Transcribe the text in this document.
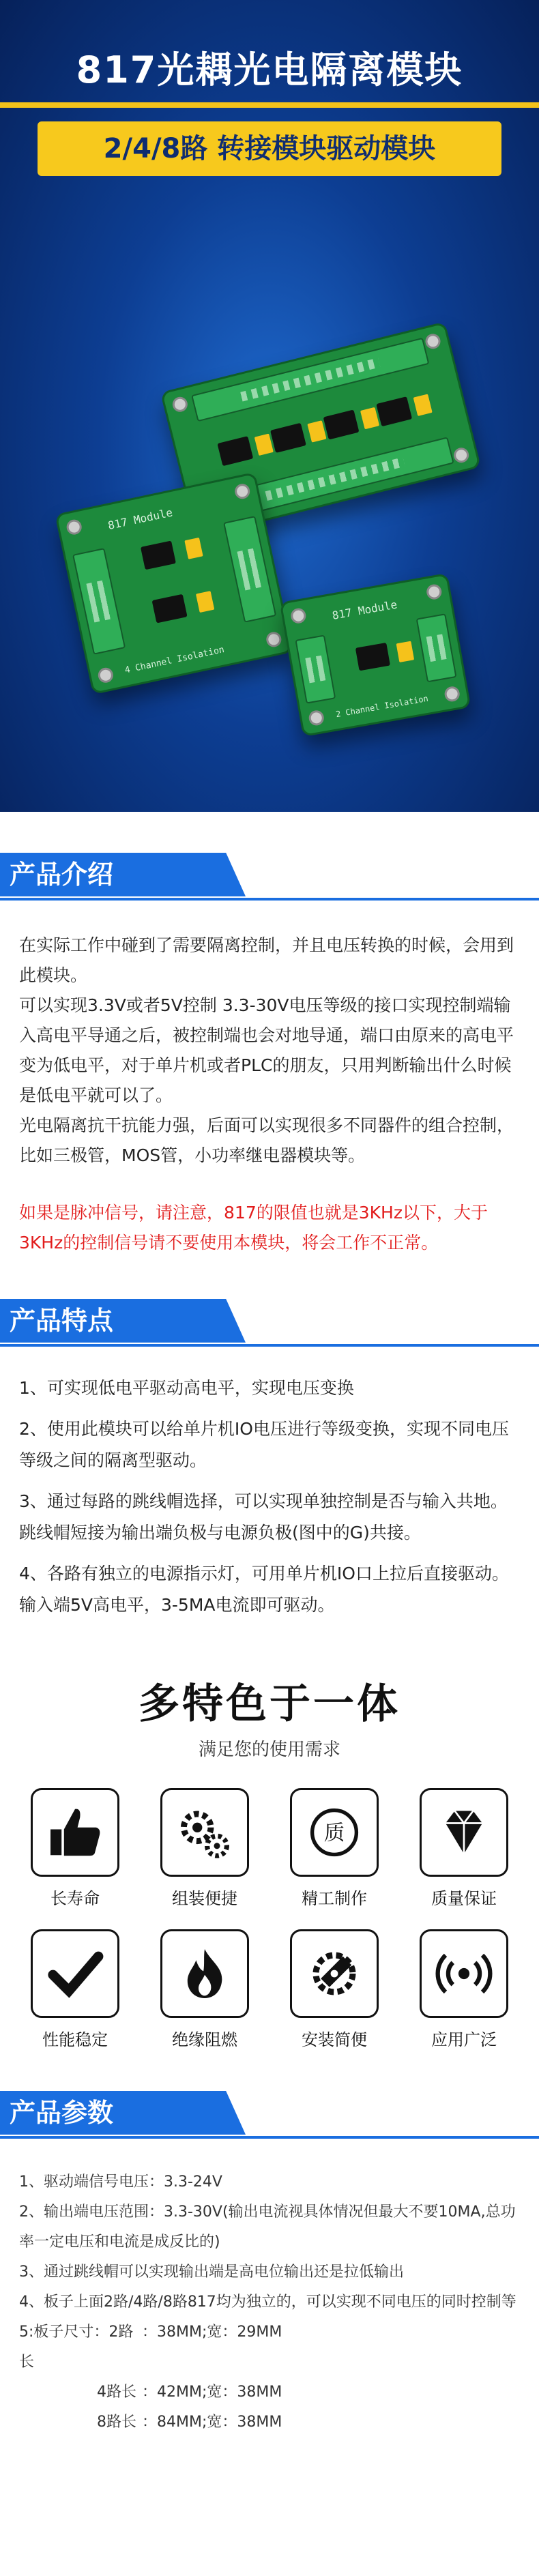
817光耦光电隔离模块
2/4/8路 转接模块驱动模块
817 Module
4 Channel Isolation
817 Module
2 Channel Isolation
产品介绍

在实际工作中碰到了需要隔离控制，并且电压转换的时候，会用到此模块。

可以实现3.3V或者5V控制 3.3-30V电压等级的接口实现控制端输入高电平导通之后，被控制端也会对地导通，端口由原来的高电平变为低电平，对于单片机或者PLC的朋友，只用判断输出什么时候是低电平就可以了。

光电隔离抗干抗能力强，后面可以实现很多不同器件的组合控制，比如三极管，MOS管，小功率继电器模块等。

如果是脉冲信号，请注意，817的限值也就是3KHz以下，大于3KHz的控制信号请不要使用本模块，将会工作不正常。
产品特点

1、可实现低电平驱动高电平，实现电压变换

2、使用此模块可以给单片机IO电压进行等级变换，实现不同电压等级之间的隔离型驱动。

3、通过每路的跳线帽选择，可以实现单独控制是否与输入共地。跳线帽短接为输出端负极与电源负极(图中的G)共接。

4、各路有独立的电源指示灯，可用单片机IO口上拉后直接驱动。输入端5V高电平，3-5MA电流即可驱动。

多特色于一体
满足您的使用需求
长寿命	组装便捷
质
精工制作	质量保证
性能稳定	绝缘阻燃	安装简便	应用广泛
产品参数

1、驱动端信号电压：3.3-24V

2、输出端电压范围：3.3-30V(输出电流视具体情况但最大不要10MA,总功率一定电压和电流是成反比的)

3、通过跳线帽可以实现输出端是高电位输出还是拉低输出

4、板子上面2路/4路/8路817均为独立的，可以实现不同电压的同时控制等

5:板子尺寸：2路长
：38MM;宽：29MM
4路长 ：42MM;宽：38MM
8路长 ：84MM;宽：38MM
